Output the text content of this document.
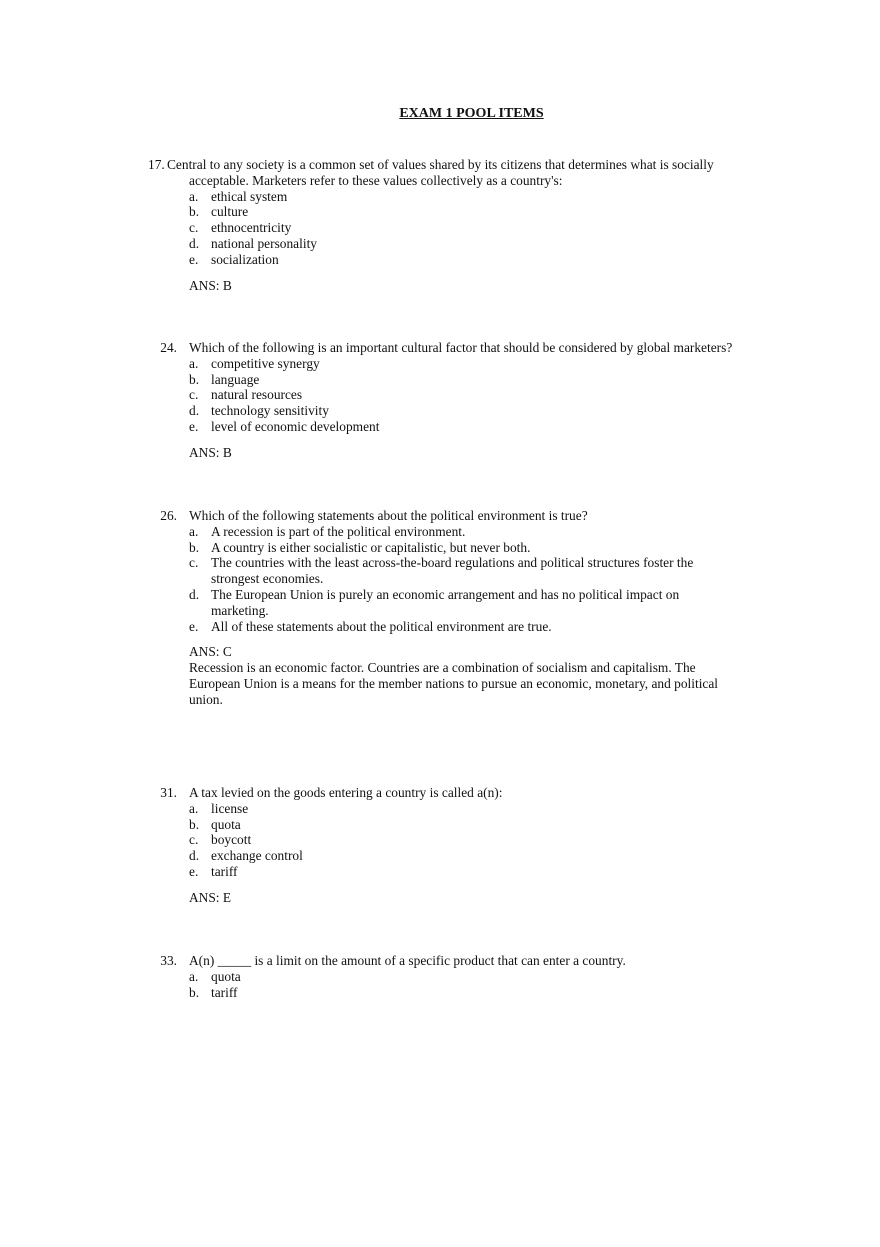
EXAM 1 POOL ITEMS
17. Central to any society is a common set of values shared by its citizens that determines what is socially
acceptable. Marketers refer to these values collectively as a country's:
a. ethical system
b. culture
c. ethnocentricity
d. national personality
e. socialization
ANS: B
24. Which of the following is an important cultural factor that should be considered by global marketers?
a. competitive synergy
b. language
c. natural resources
d. technology sensitivity
e. level of economic development
ANS: B
26. Which of the following statements about the political environment is true?
a. A recession is part of the political environment.
b. A country is either socialistic or capitalistic, but never both.
c. The countries with the least across-the-board regulations and political structures foster the strongest economies.
d. The European Union is purely an economic arrangement and has no political impact on marketing.
e. All of these statements about the political environment are true.
ANS: C
Recession is an economic factor. Countries are a combination of socialism and capitalism. The European Union is a means for the member nations to pursue an economic, monetary, and political union.
31. A tax levied on the goods entering a country is called a(n):
a. license
b. quota
c. boycott
d. exchange control
e. tariff
ANS: E
33. A(n) _____ is a limit on the amount of a specific product that can enter a country.
a. quota
b. tariff
